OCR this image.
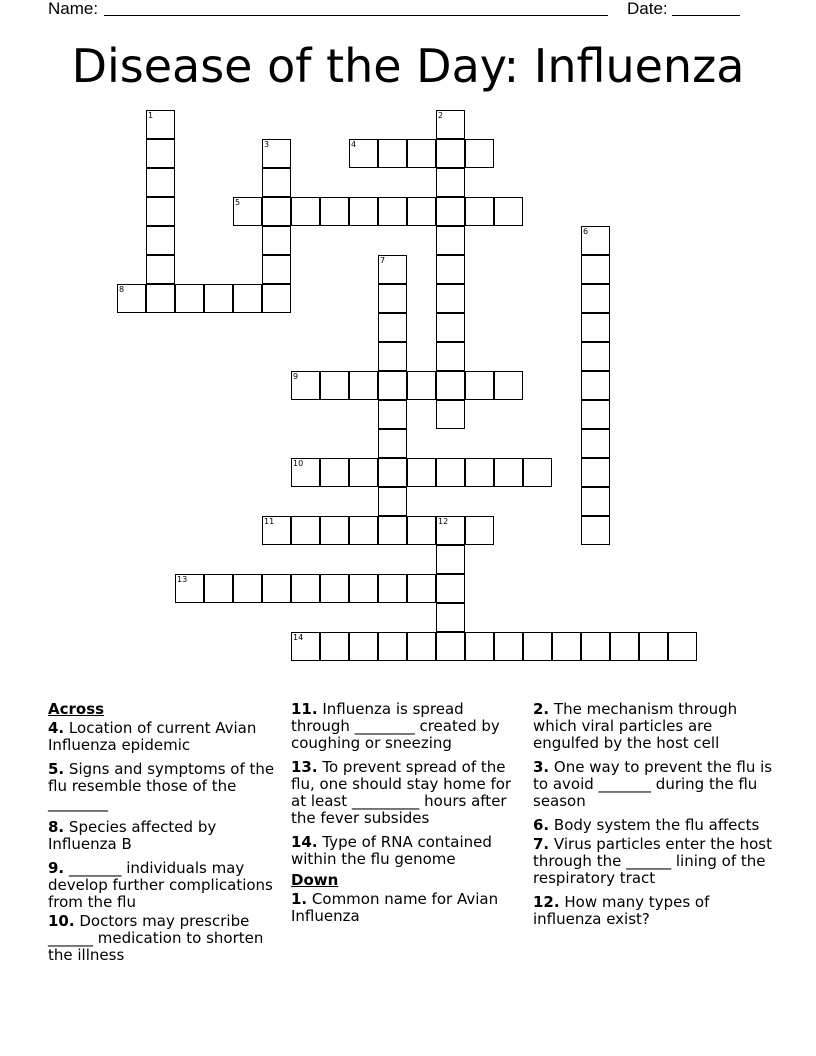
Name:	Date:
Disease of the Day: Influenza
1	2
3	4
5
6
7
8
9
10
11	12
13
14
Across
4. Location of current Avian Influenza epidemic
5. Signs and symptoms of the flu resemble those of the ________
8. Species affected by Influenza B
9. _______ individuals may develop further complications from the flu
10. Doctors may prescribe ______ medication to shorten the illness
11. Influenza is spread through ________ created by coughing or sneezing
13. To prevent spread of the flu, one should stay home for at least _________ hours after the fever subsides
14. Type of RNA contained within the flu genome
Down
1. Common name for Avian Influenza
2. The mechanism through which viral particles are engulfed by the host cell
3. One way to prevent the flu is to avoid _______ during the flu season
6. Body system the flu affects
7. Virus particles enter the host through the ______ lining of the respiratory tract
12. How many types of influenza exist?
